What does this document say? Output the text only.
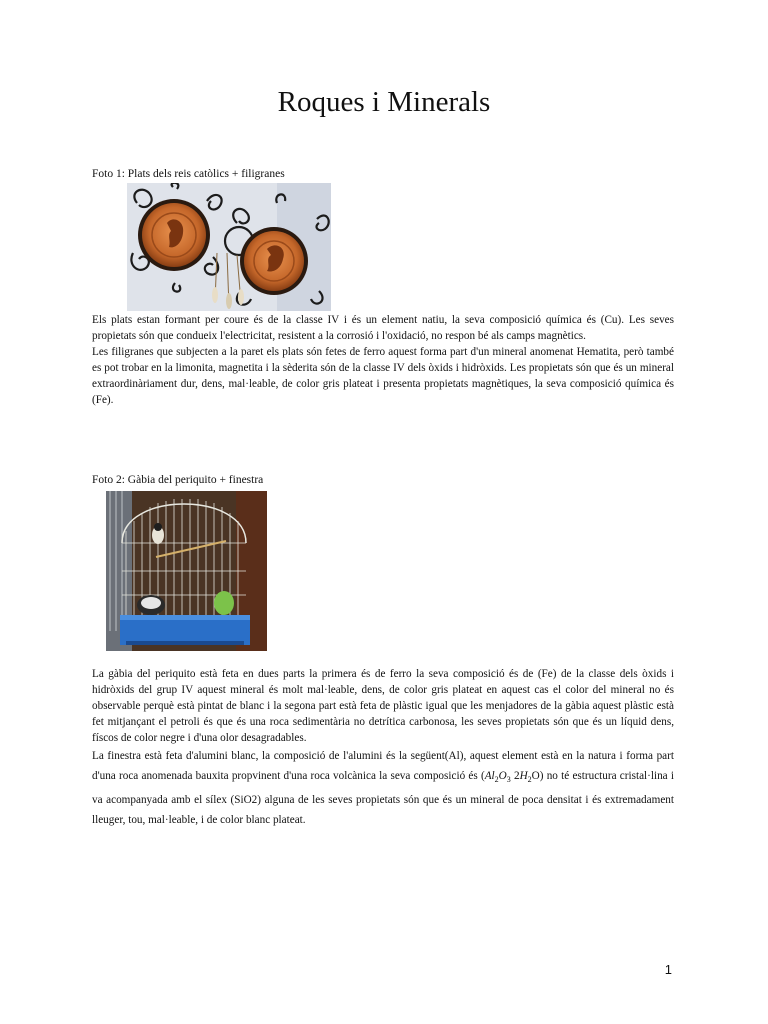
Roques i Minerals

Foto 1: Plats dels reis catòlics + filigranes

Els plats estan formant per coure és de la classe IV i és un element natiu, la seva composició química és (Cu). Les seves propietats són que condueix l'electricitat, resistent a la corrosió i l'oxidació, no respon bé als camps magnètics.

Les filigranes que subjecten a la paret els plats són fetes de ferro aquest forma part d'un mineral anomenat Hematita, però també es pot trobar en la limonita, magnetita i la sèderita són de la classe IV dels òxids i hidròxids. Les propietats són que és un mineral extraordinàriament dur, dens, mal·leable, de color gris plateat i presenta propietats magnètiques, la seva composició química és (Fe).

Foto 2: Gàbia del periquito + finestra

La gàbia del periquito està feta en dues parts la primera és de ferro la seva composició és de (Fe) de la classe dels òxids i hidròxids del grup IV aquest mineral és molt mal·leable, dens, de color gris plateat en aquest cas el color del mineral no és observable perquè està pintat de blanc i la segona part està feta de plàstic igual que les menjadores de la gàbia aquest plàstic està fet mitjançant el petroli és que és una roca sedimentària no detrítica carbonosa, les seves propietats són que és un líquid dens, físcos de color negre i d'una olor desagradables.

La finestra està feta d'alumini blanc, la composició de l'alumini és la següent(Al), aquest element està en la natura i forma part d'una roca anomenada bauxita propvinent d'una roca volcànica la seva composició és ($Al_2O_3$ $2H_2O$) no té estructura cristal·lina i va acompanyada amb el sílex (SiO2) alguna de les seves propietats són que és un mineral de poca densitat i és extremadament lleuger, tou, mal·leable, i de color blanc plateat.

1
